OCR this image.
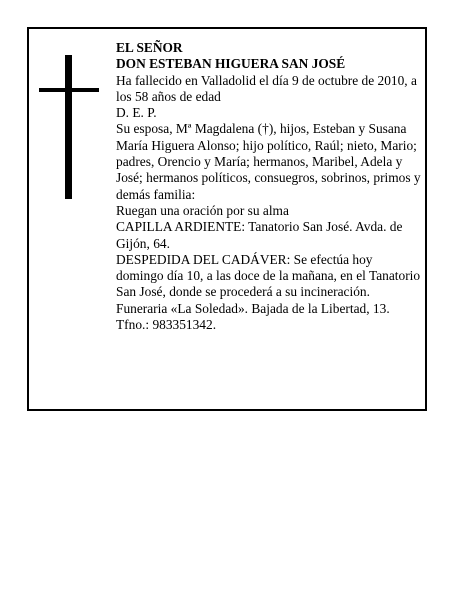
EL SEÑOR

DON ESTEBAN HIGUERA SAN JOSÉ

Ha fallecido en Valladolid el día 9 de octubre de 2010, a los 58 años de edad

D. E. P.

Su esposa, Mª Magdalena (†), hijos, Esteban y Susana María Higuera Alonso; hijo político, Raúl; nieto, Mario; padres, Orencio y María; hermanos, Maribel, Adela y José; hermanos políticos, consuegros, sobrinos, primos y demás familia:

Ruegan una oración por su alma

CAPILLA ARDIENTE: Tanatorio San José. Avda. de Gijón, 64.

DESPEDIDA DEL CADÁVER: Se efectúa hoy domingo día 10, a las doce de la mañana, en el Tanatorio San José, donde se procederá a su incineración.

Funeraria «La Soledad». Bajada de la Libertad, 13. Tfno.: 983351342.
